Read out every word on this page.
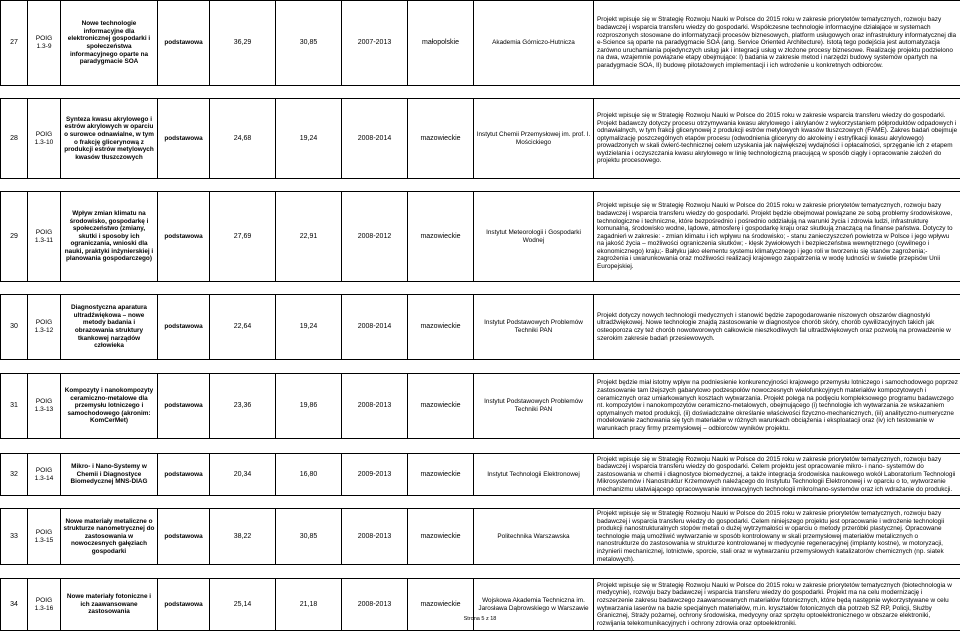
27	POIG 1.3-9	Nowe technologie informacyjne dla elektronicznej gospodarki i społeczeństwa informacyjnego oparte na paradygmacie SOA	podstawowa	36,29	30,85	2007-2013	małopolskie	Akademia Górniczo-Hutnicza	Projekt wpisuje się w Strategię Rozwoju Nauki w Polsce do 2015 roku w zakresie priorytetów tematycznych, rozwoju bazy badawczej i wsparcia transferu wiedzy do gospodarki. Współczesne technologie informacyjne działające w systemach rozproszonych stosowane do informatyzacji procesów biznesowych, platform usługowych oraz infrastruktury informatycznej dla e-Science są oparte na paradygmacie SOA (ang. Service Oriented Architecture). Istotą tego podejścia jest automatyzacja zarówno uruchamiania pojedynczych usług jak i integracji usług w złożone procesy biznesowe. Realizację projektu podzielono na dwa, wzajemnie powiązane etapy obejmujące: I) badania w zakresie metod i narzędzi budowy systemów opartych na paradygmacie SOA, II) budowę pilotażowych implementacji i ich wdrożenie u konkretnych odbiorców.

28	POIG 1.3-10	Synteza kwasu akrylowego i estrów akrylowych w oparciu o surowce odnawialne, w tym o frakcję glicerynową z produkcji estrów metylowych kwasów tłuszczowych	podstawowa	24,68	19,24	2008-2014	mazowieckie	Instytut Chemii Przemysłowej im. prof. I. Mościckiego	Projekt wpisuje się w Strategię Rozwoju Nauki w Polsce do 2015 roku w zakresie wsparcia transferu wiedzy do gospodarki. Projekt badawczy dotyczy procesu otrzymywania kwasu akrylowego i akrylanów z wykorzystaniem półproduktów odpadowych i odnawialnych, w tym frakcji glicerynowej z produkcji estrów metylowych kwasów tłuszczowych (FAME). Zakres badań obejmuje optymalizację poszczególnych etapów procesu (odwodnienia gliceryny do akroleiny i estryfikacji kwasu akrylowego) prowadzonych w skali ćwierć-technicznej celem uzyskania jak największej wydajności i opłacalności, sprzęganie ich z etapem wydzielania i oczyszczania kwasu akrylowego w linię technologiczną pracującą w sposób ciągły i opracowanie założeń do projektu procesowego.

29	POIG 1.3-11	Wpływ zmian klimatu na środowisko, gospodarkę i społeczeństwo (zmiany, skutki i sposoby ich ograniczania, wnioski dla nauki, praktyki inżynierskiej i planowania gospodarczego)	podstawowa	27,69	22,91	2008-2012	mazowieckie	Instytut Meteorologii i Gospodarki Wodnej	Projekt wpisuje się w Strategię Rozwoju Nauki w Polsce do 2015 roku w zakresie priorytetów tematycznych, rozwoju bazy badawczej i wsparcia transferu wiedzy do gospodarki. Projekt będzie obejmował powiązane ze sobą problemy środowiskowe, technologiczne i techniczne, które bezpośrednio i pośrednio oddziałują na warunki życia i zdrowia ludzi, infrastrukturę komunalną, środowisko wodne, lądowe, atmosferę i gospodarkę kraju oraz skutkują znaczącą na finanse państwa. Dotyczy to zagadnień w zakresie: - zmian klimatu i ich wpływu na środowisko; - stanu zanieczyszczeń powietrza w Polsce i jego wpływu na jakość życia – możliwości ograniczenia skutków; - klęsk żywiołowych i bezpieczeństwa wewnętrznego (cywilnego i ekonomicznego) kraju;- Bałtyku jako elementu systemu klimatycznego i jego roli w tworzeniu się stanów zagrożenia;- zagrożenia i uwarunkowania oraz możliwości realizacji krajowego zaopatrzenia w wodę ludności w świetle przepisów Unii Europejskiej.

30	POIG 1.3-12	Diagnostyczna aparatura ultradźwiękowa – nowe metody badania i obrazowania struktury tkankowej narządów człowieka	podstawowa	22,64	19,24	2008-2014	mazowieckie	Instytut Podstawowych Problemów Techniki PAN	Projekt dotyczy nowych technologii medycznych i stanowić będzie zapogodarowanie niszowych obszarów diagnostyki ultradźwiękowej. Nowe technologie znajdą zastosowanie w diagnostyce chorób skóry, chorób cywilizacyjnych takich jak osteoporoza czy też chorób nowotworowych całkowicie nieszkodliwych fal ultradźwiękowych oraz pozwolą na prowadzenie w szerokim zakresie badań przesiewowych.

31	POIG 1.3-13	Kompozyty i nanokompozyty ceramiczno-metalowe dla przemysłu lotniczego i samochodowego (akronim: KomCerMet)	podstawowa	23,36	19,86	2008-2013	mazowieckie	Instytut Podstawowych Problemów Techniki PAN	Projekt będzie miał istotny wpływ na podniesienie konkurencyjności krajowego przemysłu lotniczego i samochodowego poprzez zastosowanie tam lżejszych gabarytowo podzespołów nowoczesnych wielofunkcyjnych materiałów kompozytowych i ceramicznych oraz umiarkowanych kosztach wytwarzania. Projekt polega na podjęciu kompleksowego programu badawczego nt. kompozytów i nanokompozytów ceramiczno-metalowych, obejmującego (i) technologie ich wytwarzania ze wskazaniem optymalnych metod produkcji, (ii) doświadczalne określanie właściwości fizyczno-mechanicznych, (iii) analityczno-numeryczne modelowanie zachowania się tych materiałów w różnych warunkach obciążenia i eksploatacji oraz (iv) ich testowanie w warunkach pracy firmy przemysłowej – odbiorców wyników projektu.

32	POIG 1.3-14	Mikro- i Nano-Systemy w Chemii i Diagnostyce Biomedycznej MNS-DIAG	podstawowa	20,34	16,80	2009-2013	mazowieckie	Instytut Technologii Elektronowej	Projekt wpisuje się w Strategię Rozwoju Nauki w Polsce do 2015 roku w zakresie priorytetów tematycznych, rozwoju bazy badawczej i wsparcia transferu wiedzy do gospodarki. Celem projektu jest opracowanie mikro- i nano- systemów do zastosowania w chemii i diagnostyce biomedycznej, a także integracja środowiska naukowego wokół Laboratorium Technologii Mikrosystemów i Nanostruktur Krzemowych należącego do Instytutu Technologii Elektronowej i w oparciu o to, wytworzenie mechanizmu ułatwiającego opracowywanie innowacyjnych technologii mikro/nano-systemów oraz ich wdrażanie do produkcji.

33	POIG 1.3-15	Nowe materiały metaliczne o strukturze nanometrycznej do zastosowania w nowoczesnych gałęziach gospodarki	podstawowa	38,22	30,85	2008-2013	mazowieckie	Politechnika Warszawska	Projekt wpisuje się w Strategię Rozwoju Nauki w Polsce do 2015 roku w zakresie priorytetów tematycznych, rozwoju bazy badawczej i wsparcia transferu wiedzy do gospodarki. Celem niniejszego projektu jest opracowanie i wdrożenie technologii produkcji nanostrukturalnych stopów metali o dużej wytrzymałości w oparciu o metody przeróbki plastycznej. Opracowane technologie mają umożliwić wytwarzanie w sposób kontrolowany w skali przemysłowej materiałów metalicznych o nanostrukturze do zastosowania w strukturze kontrolowanej w medycynie regeneracyjnej (implanty kostne), w motoryzacji, inżynierii mechanicznej, lotnictwie, sporcie, stali oraz w wytwarzaniu przemysłowych katalizatorów chemicznych (np. siatek metalowych).

34	POIG 1.3-16	Nowe materiały fotoniczne i ich zaawansowane zastosowania	podstawowa	25,14	21,18	2008-2013	mazowieckie	Wojskowa Akademia Techniczna im. Jarosława Dąbrowskiego w Warszawie	Projekt wpisuje się w Strategię Rozwoju Nauki w Polsce do 2015 roku w zakresie priorytetów tematycznych (biotechnologia w medycynie), rozwoju bazy badawczej i wsparcia transferu wiedzy do gospodarki. Projekt ma na celu modernizację i rozszerzenie zakresu badawczego zaawansowanych materiałów fotonicznych, które będą następnie wykorzystywane w celu wytwarzania laserów na bazie specjalnych materiałów, m.in. kryształów fotonicznych dla potrzeb SZ RP, Policji, Służby Granicznej, Straży pożarnej, ochrony środowiska, medycyny oraz sprzętu optoelektronicznego w obszarze elektroniki, rozwijania telekomunikacyjnych i ochrony zdrowia oraz optoelektroniki.
Strona 5 z 18
